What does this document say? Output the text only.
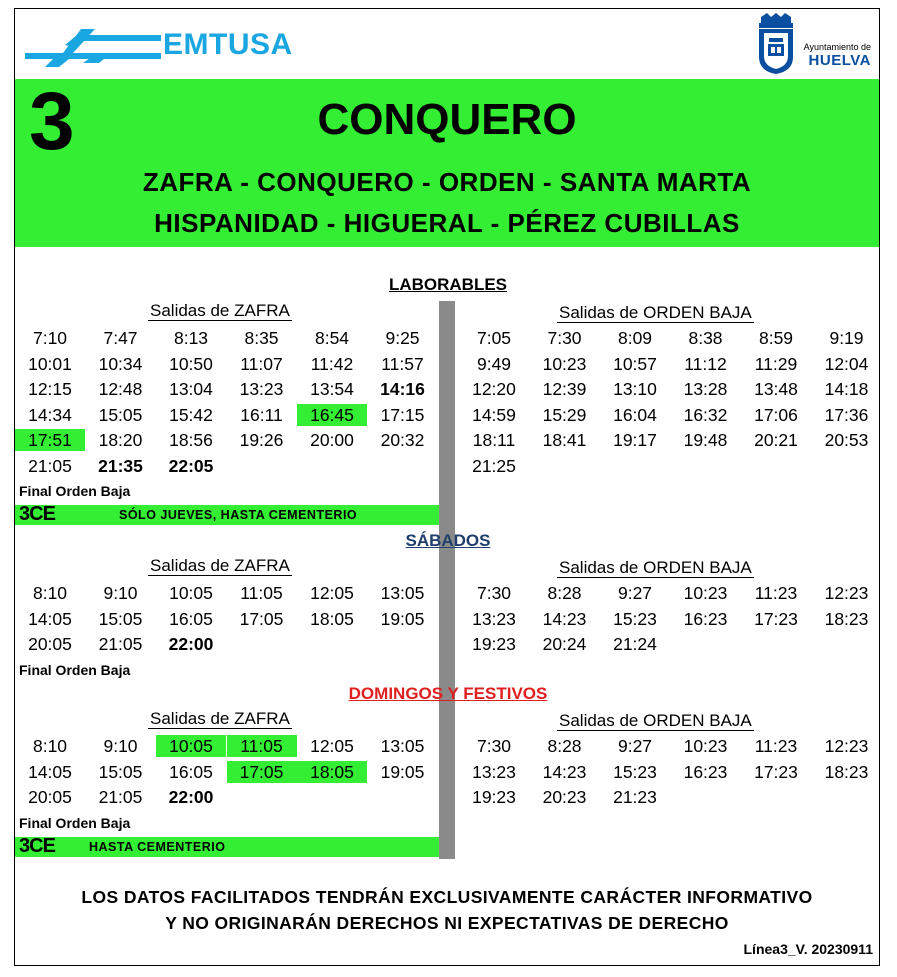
EMTUSA	Ayuntamiento de
HUELVA
3	CONQUERO
ZAFRA - CONQUERO - ORDEN - SANTA MARTA
HISPANIDAD - HIGUERAL - PÉREZ CUBILLAS
LABORABLES
Salidas de ZAFRA	Salidas de ORDEN BAJA
7:10	7:47	8:13	8:35	8:54	9:25
10:01	10:34	10:50	11:07	11:42	11:57
12:15	12:48	13:04	13:23	13:54	14:16
14:34	15:05	15:42	16:11	16:45	17:15
17:51	18:20	18:56	19:26	20:00	20:32
21:05	21:35	22:05
7:05	7:30	8:09	8:38	8:59	9:19
9:49	10:23	10:57	11:12	11:29	12:04
12:20	12:39	13:10	13:28	13:48	14:18
14:59	15:29	16:04	16:32	17:06	17:36
18:11	18:41	19:17	19:48	20:21	20:53
21:25
Final Orden Baja
3CE	SÓLO JUEVES, HASTA CEMENTERIO
SÁBADOS
Salidas de ZAFRA	Salidas de ORDEN BAJA
8:10	9:10	10:05	11:05	12:05	13:05
14:05	15:05	16:05	17:05	18:05	19:05
20:05	21:05	22:00
7:30	8:28	9:27	10:23	11:23	12:23
13:23	14:23	15:23	16:23	17:23	18:23
19:23	20:24	21:24
Final Orden Baja
DOMINGOS Y FESTIVOS
Salidas de ZAFRA	Salidas de ORDEN BAJA
8:10	9:10	10:05	11:05	12:05	13:05
14:05	15:05	16:05	17:05	18:05	19:05
20:05	21:05	22:00
7:30	8:28	9:27	10:23	11:23	12:23
13:23	14:23	15:23	16:23	17:23	18:23
19:23	20:23	21:23
Final Orden Baja
3CE	HASTA CEMENTERIO
LOS DATOS FACILITADOS TENDRÁN EXCLUSIVAMENTE CARÁCTER INFORMATIVO
Y NO ORIGINARÁN DERECHOS NI EXPECTATIVAS DE DERECHO
Línea3_V. 20230911
